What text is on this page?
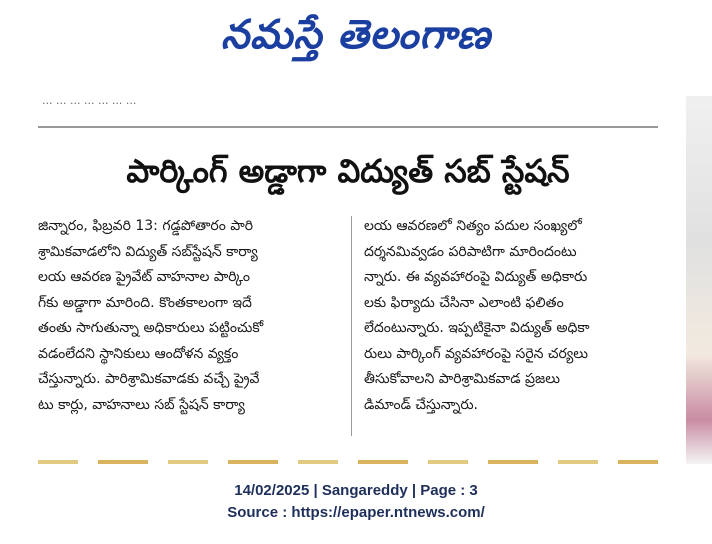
నమస్తే తెలంగాణ
... ... ... ... ... ... ...
పార్కింగ్ అడ్డాగా విద్యుత్ సబ్ స్టేషన్

జిన్నారం, ఫిబ్రవరి 13: గడ్డపోతారం పారి

శ్రామికవాడలోని విద్యుత్ సబ్‌స్టేషన్ కార్యా

లయ ఆవరణ ప్రైవేట్ వాహనాల పార్కిం

గ్‌కు అడ్డాగా మారింది. కొంతకాలంగా ఇదే

తంతు సాగుతున్నా అధికారులు పట్టించుకో

వడంలేదని స్థానికులు ఆందోళన వ్యక్తం

చేస్తున్నారు. పారిశ్రామికవాడకు వచ్చే ప్రైవే

టు కార్లు, వాహనాలు సబ్ స్టేషన్ కార్యా

లయ ఆవరణలో నిత్యం పదుల సంఖ్యలో

దర్శనమివ్వడం పరిపాటిగా మారిందంటు

న్నారు. ఈ వ్యవహారంపై విద్యుత్ అధికారు

లకు ఫిర్యాదు చేసినా ఎలాంటి ఫలితం

లేదంటున్నారు. ఇప్పటికైనా విద్యుత్ అధికా

రులు పార్కింగ్ వ్యవహారంపై సరైన చర్యలు

తీసుకోవాలని పారిశ్రామికవాడ ప్రజలు

డిమాండ్ చేస్తున్నారు.

14/02/2025 | Sangareddy | Page : 3
Source : https://epaper.ntnews.com/
